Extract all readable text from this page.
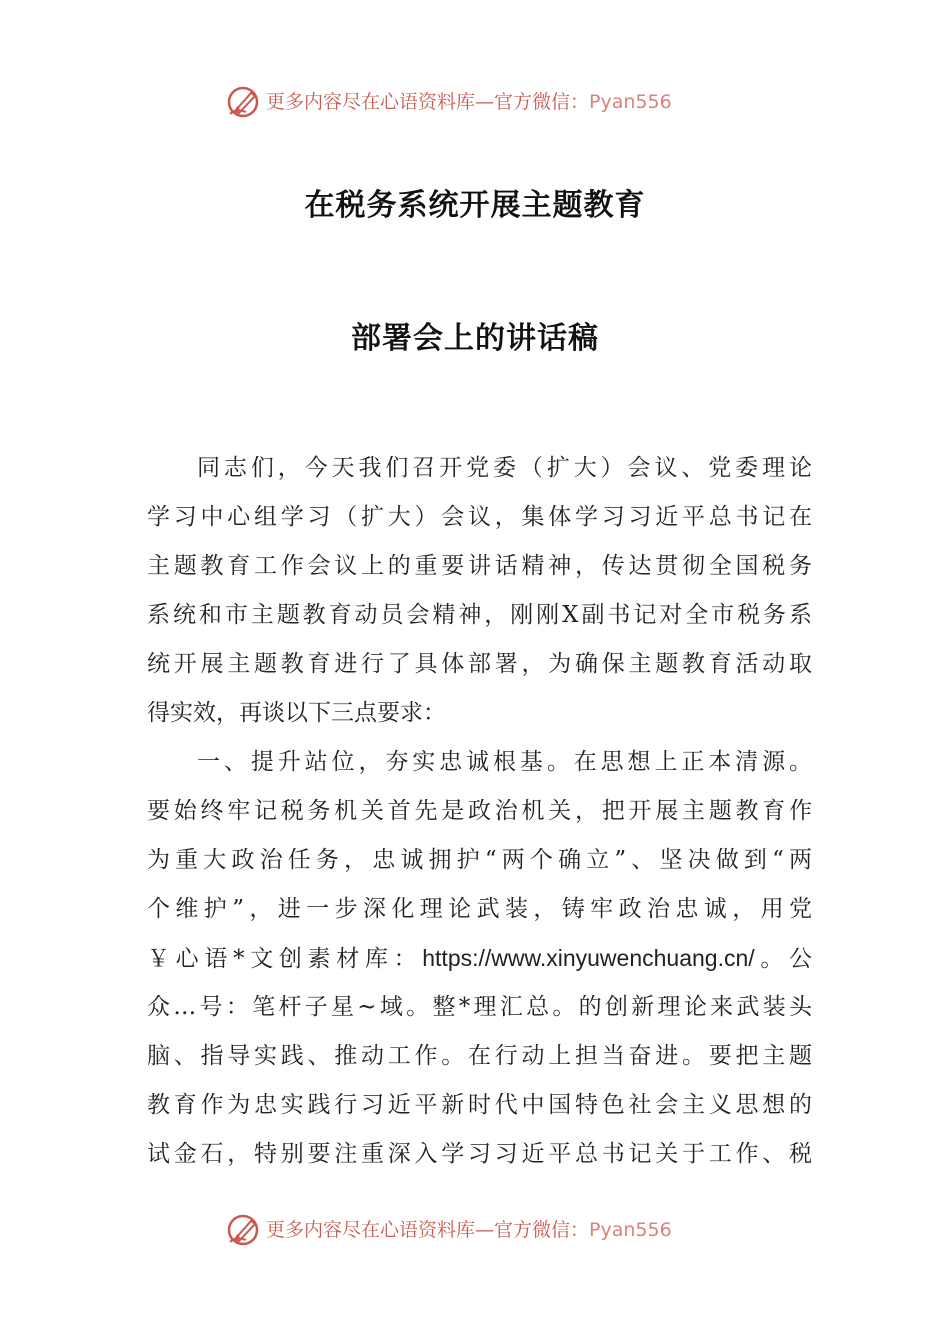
更多内容尽在心语资料库—官方微信：Pyan556
在税务系统开展主题教育
部署会上的讲话稿
同志们，今天我们召开党委（扩大）会议、党委理论
学习中心组学习（扩大）会议，集体学习习近平总书记在
主题教育工作会议上的重要讲话精神，传达贯彻全国税务
系统和市主题教育动员会精神，刚刚X副书记对全市税务系
统开展主题教育进行了具体部署，为确保主题教育活动取
得实效，再谈以下三点要求：
一、提升站位，夯实忠诚根基。在思想上正本清源。
要始终牢记税务机关首先是政治机关，把开展主题教育作
为重大政治任务，忠诚拥护“两个确立”、坚决做到“两
个维护”，进一步深化理论武装，铸牢政治忠诚，用党
￥心语*文创素材库：https://www.xinyuwenchuang.cn/。公
众…号：笔杆子星~域。整*理汇总。的创新理论来武装头
脑、指导实践、推动工作。在行动上担当奋进。要把主题
教育作为忠实践行习近平新时代中国特色社会主义思想的
试金石，特别要注重深入学习习近平总书记关于工作、税
更多内容尽在心语资料库—官方微信：Pyan556
